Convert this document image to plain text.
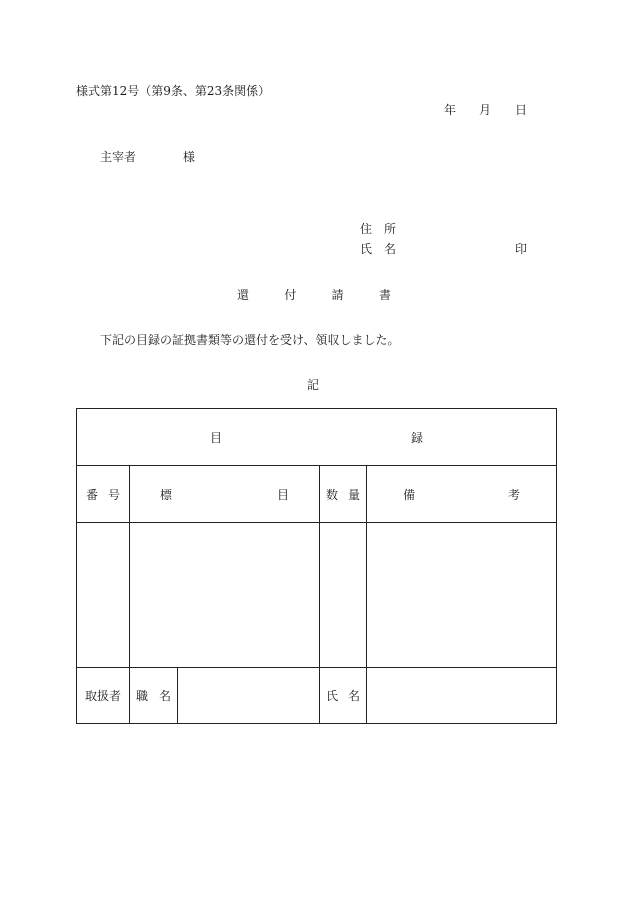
様式第12号（第9条、第23条関係）
年 月 日
主宰者	様
住 所
氏 名	印
還	付	請	書
下記の目録の証拠書類等の還付を受け、領収しました。
記
目 録				

番 号	標 目		数 量	備 考

取扱者	職 名		氏 名	
